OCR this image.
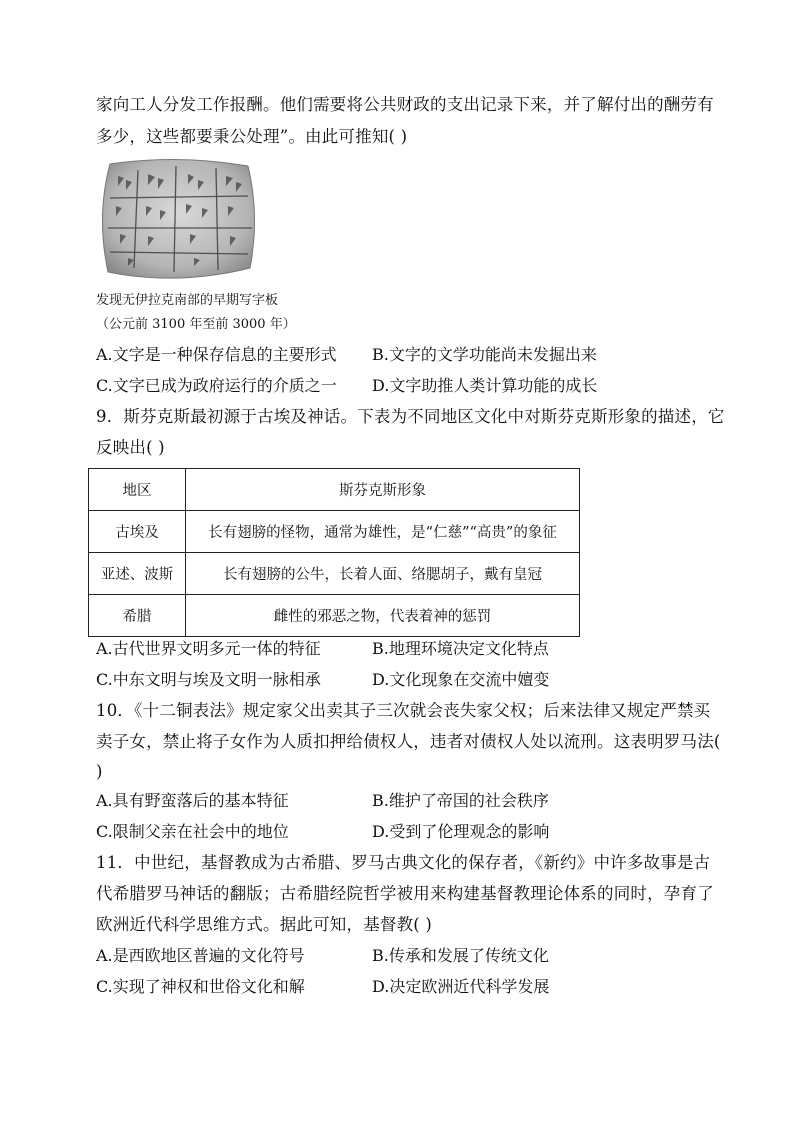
家向工人分发工作报酬。他们需要将公共财政的支出记录下来，并了解付出的酬劳有
多少，这些都要秉公处理”。由此可推知( )
发现无伊拉克南部的早期写字板
（公元前 3100 年至前 3000 年）
A.文字是一种保存信息的主要形式 B.文字的文学功能尚未发掘出来
C.文字已成为政府运行的介质之一 D.文字助推人类计算功能的成长
9．斯芬克斯最初源于古埃及神话。下表为不同地区文化中对斯芬克斯形象的描述，它
反映出( )
地区	斯芬克斯形象
古埃及	长有翅膀的怪物，通常为雄性，是“仁慈”“高贵”的象征
亚述、波斯	长有翅膀的公牛，长着人面、络腮胡子，戴有皇冠
希腊	雌性的邪恶之物，代表着神的惩罚
A.古代世界文明多元一体的特征	B.地理环境决定文化特点
C.中东文明与埃及文明一脉相承	D.文化现象在交流中嬗变
10．《十二铜表法》规定家父出卖其子三次就会丧失家父权；后来法律又规定严禁买
卖子女，禁止将子女作为人质扣押给债权人，违者对债权人处以流刑。这表明罗马法(
)
A.具有野蛮落后的基本特征	B.维护了帝国的社会秩序
C.限制父亲在社会中的地位	D.受到了伦理观念的影响
11．中世纪，基督教成为古希腊、罗马古典文化的保存者，《新约》中许多故事是古
代希腊罗马神话的翻版；古希腊经院哲学被用来构建基督教理论体系的同时，孕育了
欧洲近代科学思维方式。据此可知，基督教( )
A.是西欧地区普遍的文化符号	B.传承和发展了传统文化
C.实现了神权和世俗文化和解	D.决定欧洲近代科学发展
